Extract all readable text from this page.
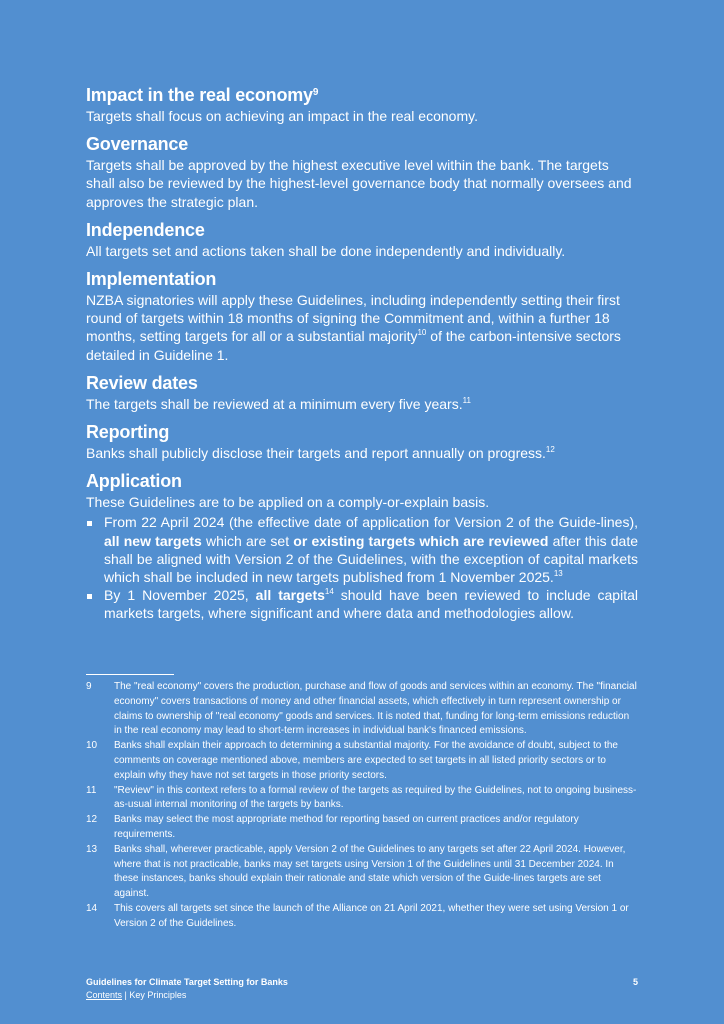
Impact in the real economy$^9$

Targets shall focus on achieving an impact in the real economy.

Governance

Targets shall be approved by the highest executive level within the bank. The targets shall also be reviewed by the highest-level governance body that normally oversees and approves the strategic plan.

Independence

All targets set and actions taken shall be done independently and individually.

Implementation

NZBA signatories will apply these Guidelines, including independently setting their first round of targets within 18 months of signing the Commitment and, within a further 18 months, setting targets for all or a substantial majority$^{10}$ of the carbon-intensive sectors detailed in Guideline 1.

Review dates

The targets shall be reviewed at a minimum every five years.$^{11}$

Reporting

Banks shall publicly disclose their targets and report annually on progress.$^{12}$

Application

These Guidelines are to be applied on a comply-or-explain basis.

From 22 April 2024 (the effective date of application for Version 2 of the Guide-lines), all new targets which are set or existing targets which are reviewed after this date shall be aligned with Version 2 of the Guidelines, with the exception of capital markets which shall be included in new targets published from 1 November 2025.13
By 1 November 2025, all targets$^{14}$ should have been reviewed to include capital markets targets, where significant and where data and methodologies allow.
9 The "real economy" covers the production, purchase and flow of goods and services within an economy. The "financial economy" covers transactions of money and other financial assets, which effectively in turn represent ownership or claims to ownership of "real economy" goods and services. It is noted that, funding for long-term emissions reduction in the real economy may lead to short-term increases in individual bank's financed emissions.
10 Banks shall explain their approach to determining a substantial majority. For the avoidance of doubt, subject to the comments on coverage mentioned above, members are expected to set targets in all listed priority sectors or to explain why they have not set targets in those priority sectors.
11 "Review" in this context refers to a formal review of the targets as required by the Guidelines, not to ongoing business-as-usual internal monitoring of the targets by banks.
12 Banks may select the most appropriate method for reporting based on current practices and/or regulatory requirements.
13 Banks shall, wherever practicable, apply Version 2 of the Guidelines to any targets set after 22 April 2024. However, where that is not practicable, banks may set targets using Version 1 of the Guidelines until 31 December 2024. In these instances, banks should explain their rationale and state which version of the Guide-lines targets are set against.
14 This covers all targets set since the launch of the Alliance on 21 April 2021, whether they were set using Version 1 or Version 2 of the Guidelines.
Guidelines for Climate Target Setting for Banks	5
Contents | Key Principles
